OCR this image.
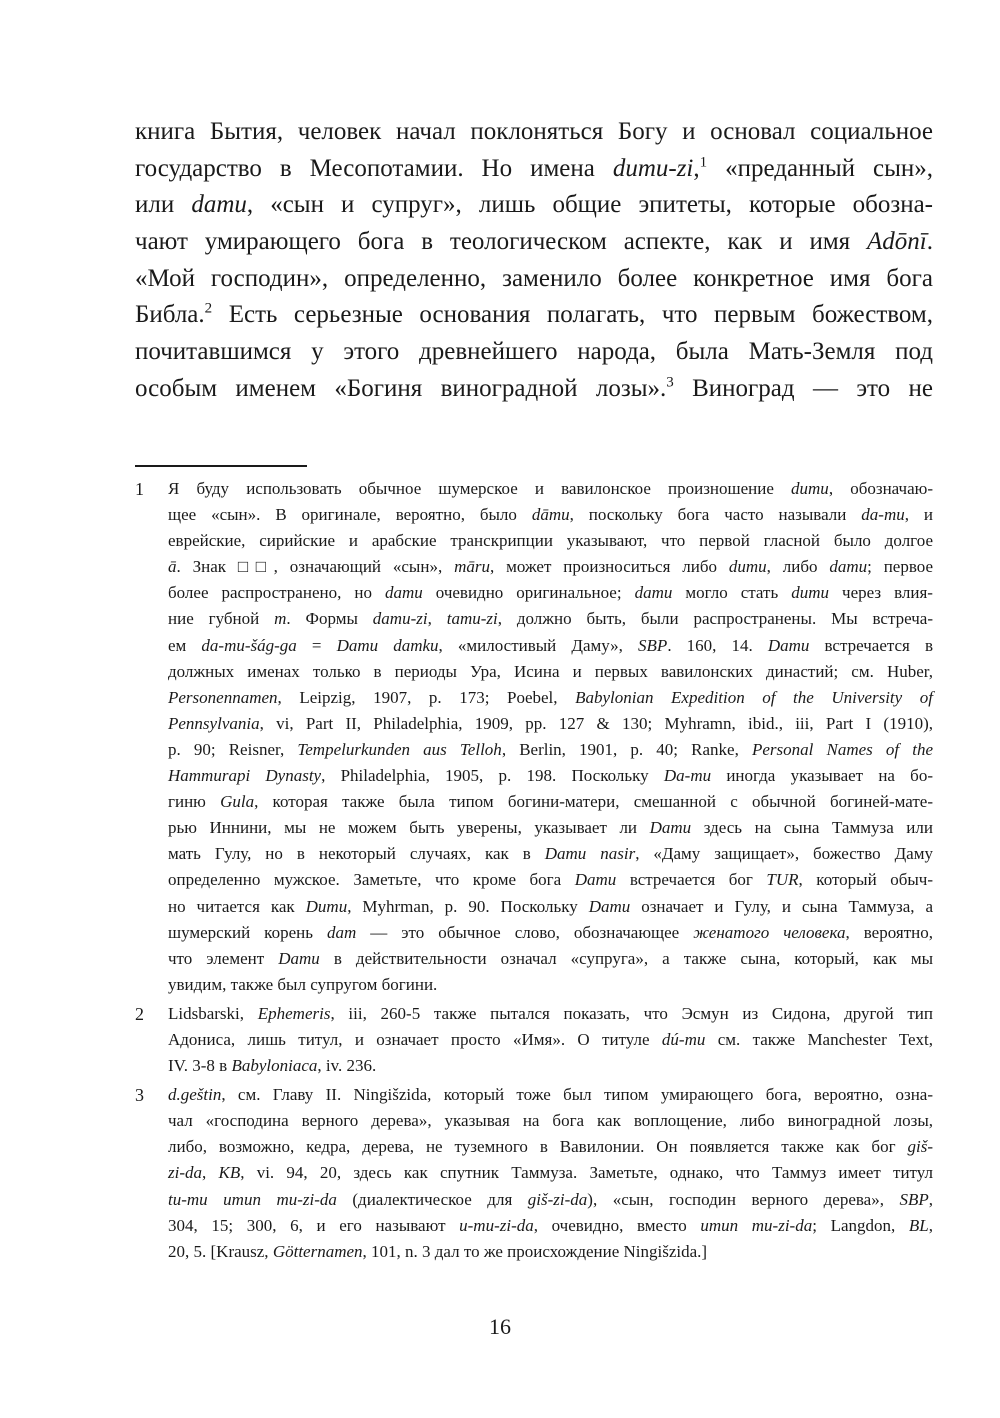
книга Бытия, человек начал поклоняться Богу и основал социальное
государство в Месопотамии. Но имена dumu-zi,$^1$ «преданный сын»,
или damu, «сын и супруг», лишь общие эпитеты, которые обозна-
чают умирающего бога в теологическом аспекте, как и имя Adōnī.
«Мой господин», определенно, заменило более конкретное имя бога
Библа.$^2$ Есть серьезные основания полагать, что первым божеством,
почитавшимся у этого древнейшего народа, была Мать-Земля под
особым именем «Богиня виноградной лозы».$^3$ Виноград — это не
1 Я буду использовать обычное шумерское и вавилонское произношение dumu, обозначаю-
щее «сын». В оригинале, вероятно, было dāmu, поскольку бога часто называли da-mu, и
еврейские, сирийские и арабские транскрипции указывают, что первой гласной было долгое
ā. Знак □□, означающий «сын», māru, может произноситься либо dumu, либо damu; первое
более распространено, но damu очевидно оригинальное; damu могло стать dumu через влия-
ние губной m. Формы damu-zi, tamu-zi, должно быть, были распространены. Мы встреча-
ем da-mu-šág-ga = Damu damku, «милостивый Даму», SBP. 160, 14. Damu встречается в
должных именах только в периоды Ура, Исина и первых вавилонских династий; см. Huber,
Personennamen, Leipzig, 1907, p. 173; Poebel, Babylonian Expedition of the University of
Pennsylvania, vi, Part II, Philadelphia, 1909, pp. 127 & 130; Myhramn, ibid., iii, Part I (1910),
p. 90; Reisner, Tempelurkunden aus Telloh, Berlin, 1901, p. 40; Ranke, Personal Names of the
Hammurapi Dynasty, Philadelphia, 1905, p. 198. Поскольку Da-mu иногда указывает на бо-
гиню Gula, которая также была типом богини-матери, смешанной с обычной богиней-мате-
рью Иннини, мы не можем быть уверены, указывает ли Damu здесь на сына Таммуза или
мать Гулу, но в некоторый случаях, как в Damu nasir, «Даму защищает», божество Даму
определенно мужское. Заметьте, что кроме бога Damu встречается бог TUR, который обыч-
но читается как Dumu, Myhrman, p. 90. Поскольку Damu означает и Гулу, и сына Таммуза, а
шумерский корень dam — это обычное слово, обозначающее женатого человека, вероятно,
что элемент Damu в действительности означал «супруга», а также сына, который, как мы
увидим, также был супругом богини.
2 Lidsbarski, Ephemeris, iii, 260-5 также пытался показать, что Эсмун из Сидона, другой тип
Адониса, лишь титул, и означает просто «Имя». О титуле dú-mu см. также Manchester Text,
IV. 3-8 в Babyloniaca, iv. 236.
3 d.geštin, см. Главу II. Ningišzida, который тоже был типом умирающего бога, вероятно, озна-
чал «господина верного дерева», указывая на бога как воплощение, либо виноградной лозы,
либо, возможно, кедра, дерева, не туземного в Вавилонии. Он появляется также как бог giš-
zi-da, KB, vi. 94, 20, здесь как спутник Таммуза. Заметьте, однако, что Таммуз имеет титул
tu-mu umun mu-zi-da (диалектическое для giš-zi-da), «сын, господин верного дерева», SBP,
304, 15; 300, 6, и его называют u-mu-zi-da, очевидно, вместо umun mu-zi-da; Langdon, BL,
20, 5. [Krausz, Götternamen, 101, n. 3 дал то же происхождение Ningišzida.]
16
